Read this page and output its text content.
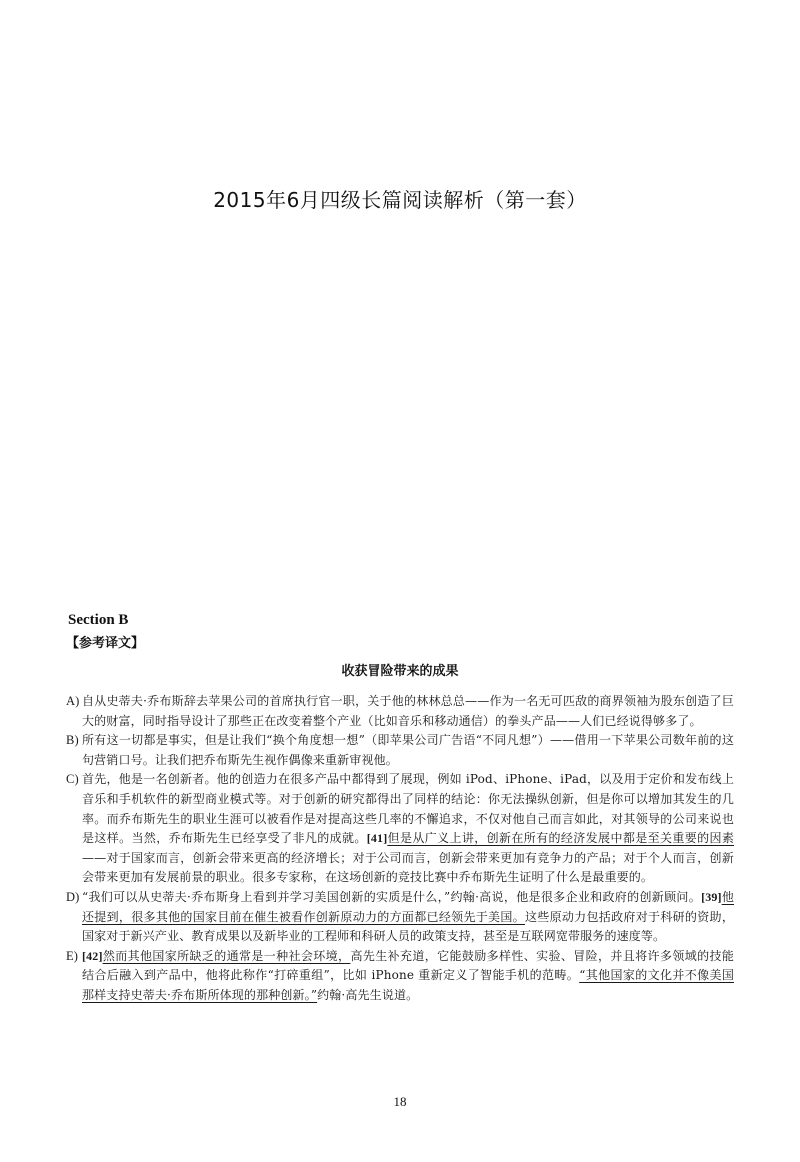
2015年6月四级长篇阅读解析（第一套）
Section B
【参考译文】
收获冒险带来的成果
A) 自从史蒂夫·乔布斯辞去苹果公司的首席执行官一职，关于他的林林总总——作为一名无可匹敌的商界领袖为股东创造了巨大的财富，同时指导设计了那些正在改变着整个产业（比如音乐和移动通信）的拳头产品——人们已经说得够多了。
B) 所有这一切都是事实，但是让我们“换个角度想一想”（即苹果公司广告语“不同凡想”）——借用一下苹果公司数年前的这句营销口号。让我们把乔布斯先生视作偶像来重新审视他。
C) 首先，他是一名创新者。他的创造力在很多产品中都得到了展现，例如 iPod、iPhone、iPad，以及用于定价和发布线上音乐和手机软件的新型商业模式等。对于创新的研究都得出了同样的结论：你无法操纵创新，但是你可以增加其发生的几率。而乔布斯先生的职业生涯可以被看作是对提高这些几率的不懈追求，不仅对他自己而言如此，对其领导的公司来说也是这样。当然，乔布斯先生已经享受了非凡的成就。[41]但是从广义上讲，创新在所有的经济发展中都是至关重要的因素——对于国家而言，创新会带来更高的经济增长；对于公司而言，创新会带来更加有竞争力的产品；对于个人而言，创新会带来更加有发展前景的职业。很多专家称，在这场创新的竞技比赛中乔布斯先生证明了什么是最重要的。
D) “我们可以从史蒂夫·乔布斯身上看到并学习美国创新的实质是什么，”约翰·高说，他是很多企业和政府的创新顾问。[39]他还提到，很多其他的国家目前在催生被看作创新原动力的方面都已经领先于美国。这些原动力包括政府对于科研的资助，国家对于新兴产业、教育成果以及新毕业的工程师和科研人员的政策支持，甚至是互联网宽带服务的速度等。
E) [42]然而其他国家所缺乏的通常是一种社会环境，高先生补充道，它能鼓励多样性、实验、冒险，并且将许多领域的技能结合后融入到产品中，他将此称作“打碎重组”，比如 iPhone 重新定义了智能手机的范畴。“其他国家的文化并不像美国那样支持史蒂夫·乔布斯所体现的那种创新。”约翰·高先生说道。
18
